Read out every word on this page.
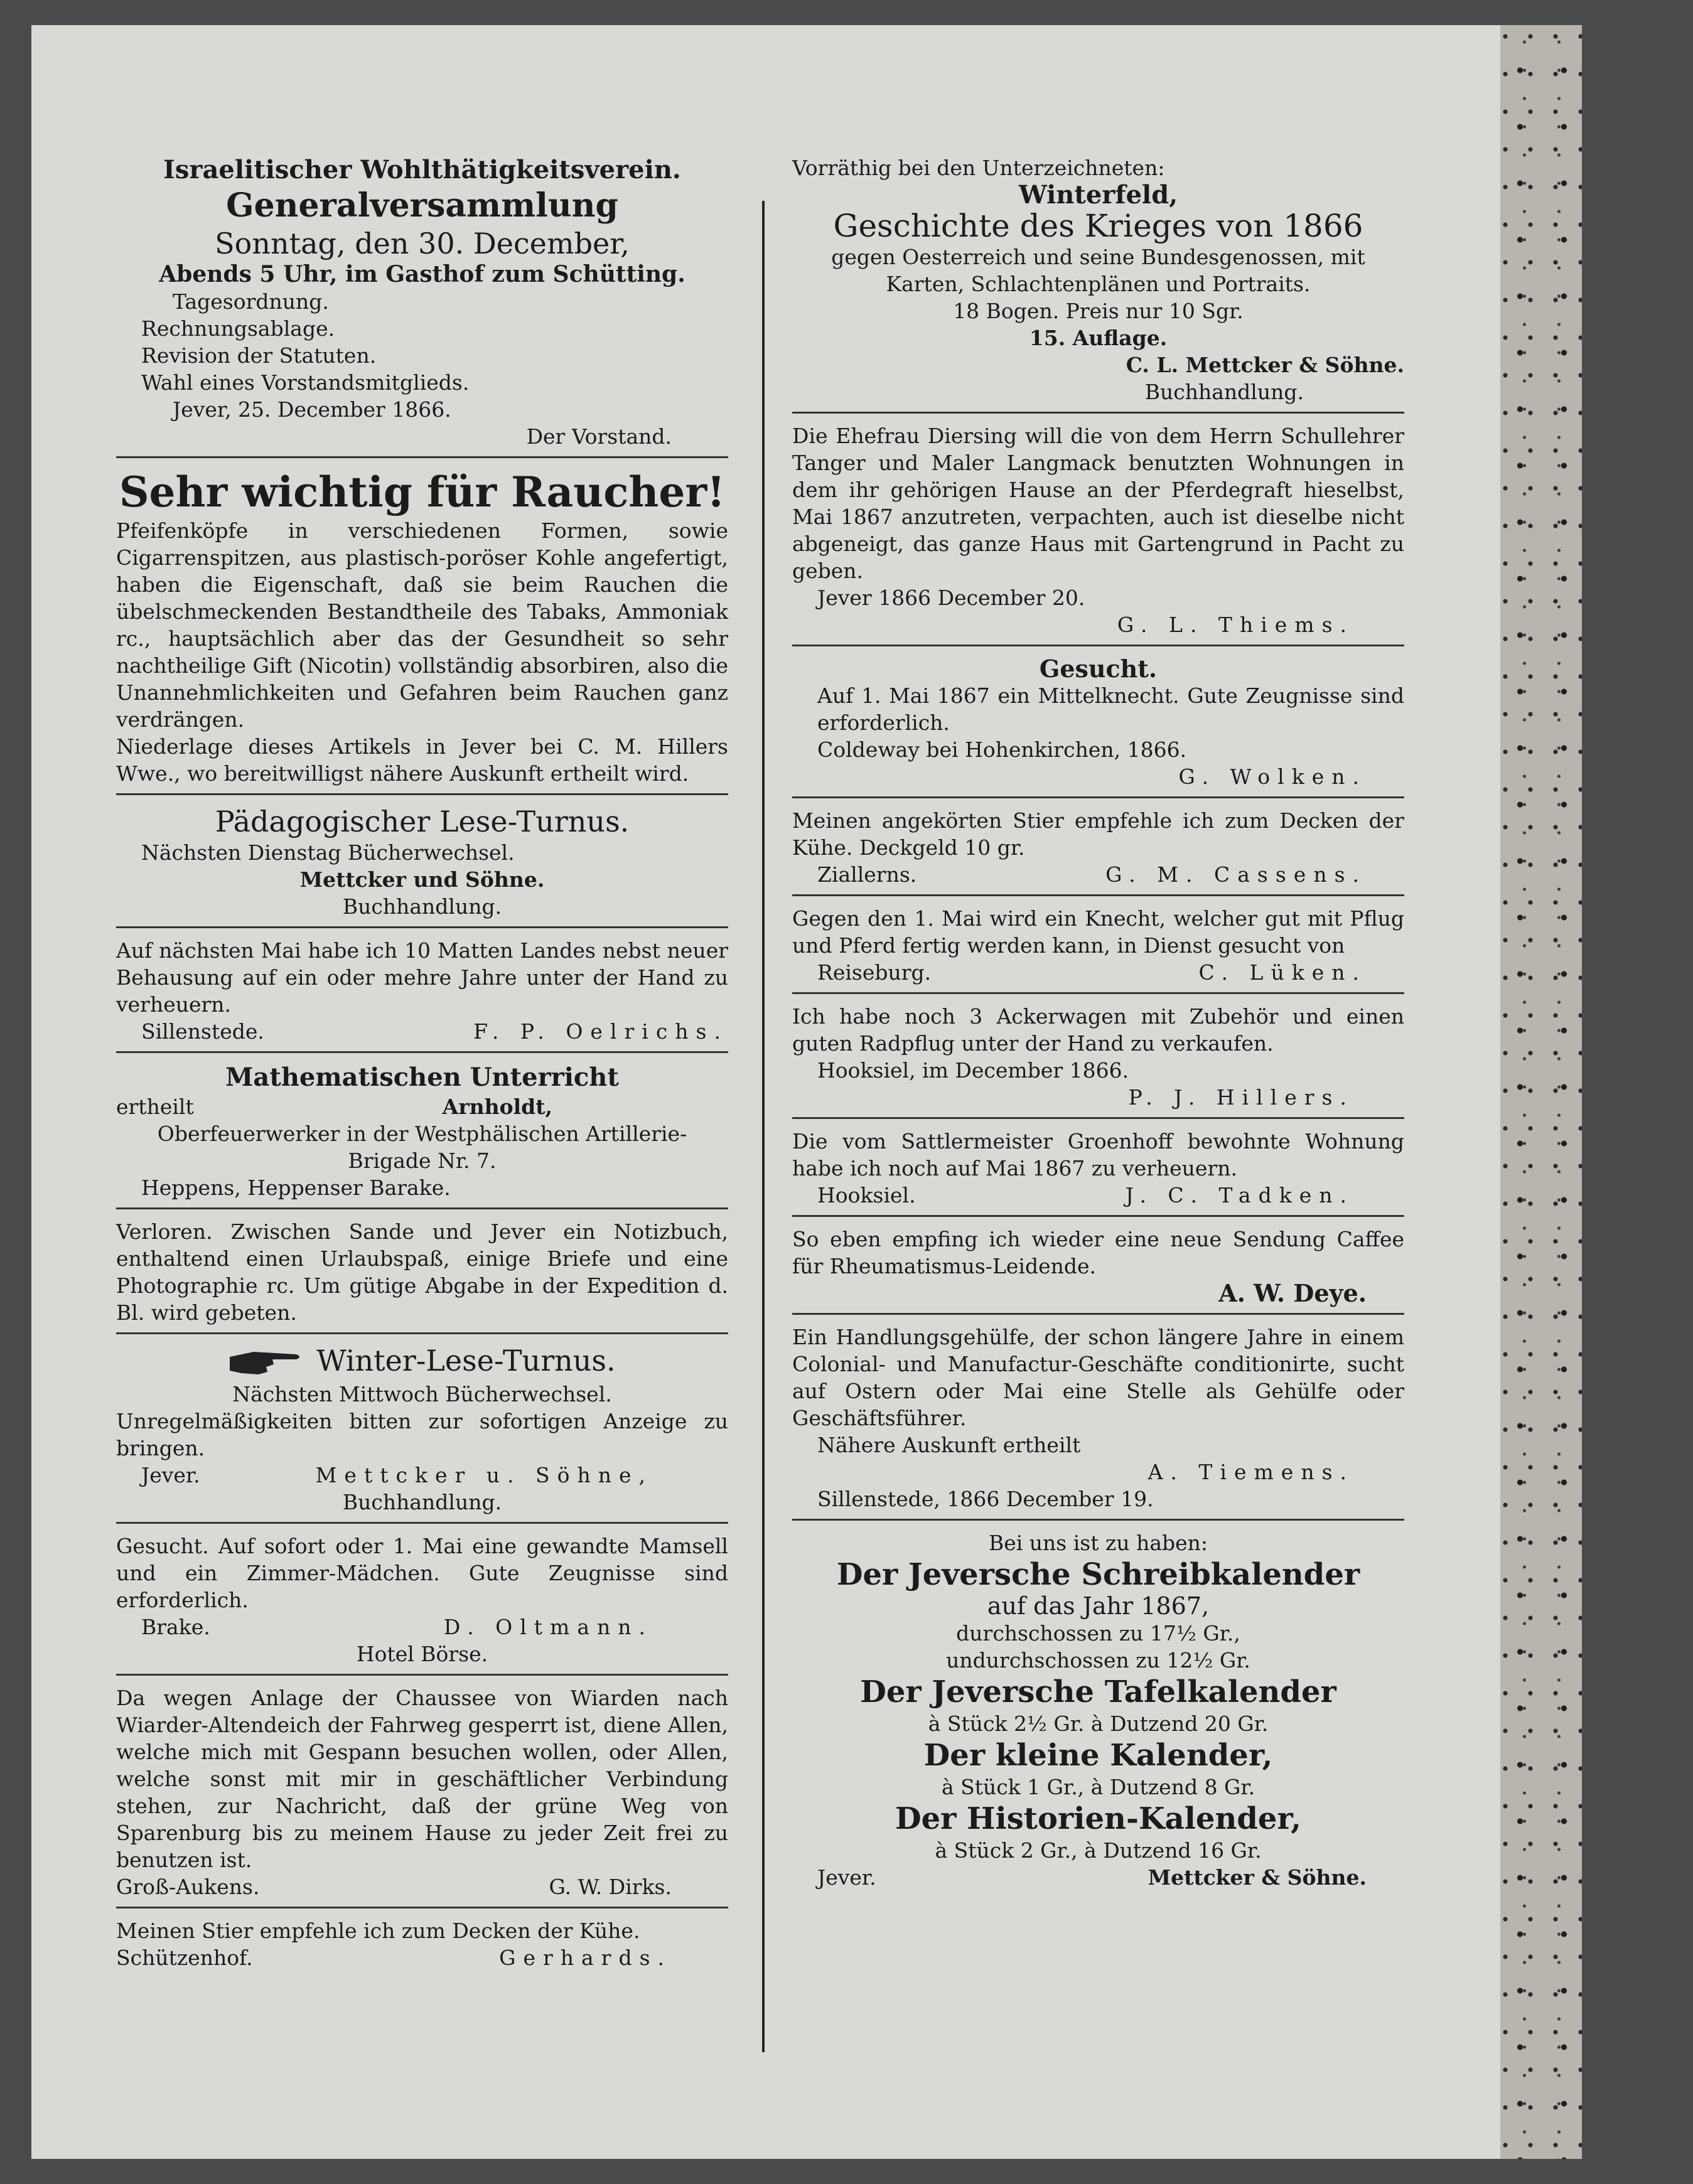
Israelitischer Wohlthätigkeitsverein.
Generalversammlung
Sonntag, den 30. December,
Abends 5 Uhr, im Gasthof zum Schütting.
Tagesordnung.
Rechnungsablage.
Revision der Statuten.
Wahl eines Vorstandsmitglieds.
Jever, 25. December 1866.
Der Vorstand.
Sehr wichtig für Raucher!
Pfeifenköpfe in verschiedenen Formen, sowie Cigarrenspitzen, aus plastisch-poröser Kohle angefertigt, haben die Eigenschaft, daß sie beim Rauchen die übelschmeckenden Bestandtheile des Tabaks, Ammoniak rc., hauptsächlich aber das der Gesundheit so sehr nachtheilige Gift (Nicotin) vollständig absorbiren, also die Unannehmlichkeiten und Gefahren beim Rauchen ganz verdrängen.
Niederlage dieses Artikels in Jever bei C. M. Hillers Wwe., wo bereitwilligst nähere Auskunft ertheilt wird.
Pädagogischer Lese-Turnus.
Nächsten Dienstag Bücherwechsel.
Mettcker und Söhne.
Buchhandlung.
Auf nächsten Mai habe ich 10 Matten Landes nebst neuer Behausung auf ein oder mehre Jahre unter der Hand zu verheuern.
Sillenstede.	F. P. Oelrichs.
Mathematischen Unterricht
ertheilt	Arnholdt,
Oberfeuerwerker in der Westphälischen Artillerie-Brigade Nr. 7.
Heppens, Heppenser Barake.
Verloren. Zwischen Sande und Jever ein Notizbuch, enthaltend einen Urlaubspaß, einige Briefe und eine Photographie rc. Um gütige Abgabe in der Expedition d. Bl. wird gebeten.
Winter-Lese-Turnus.
Nächsten Mittwoch Bücherwechsel.
Unregelmäßigkeiten bitten zur sofortigen Anzeige zu bringen.
Jever.	Mettcker u. Söhne,
Buchhandlung.
Gesucht. Auf sofort oder 1. Mai eine gewandte Mamsell und ein Zimmer-Mädchen. Gute Zeugnisse sind erforderlich.
Brake.	D. Oltmann.
Hotel Börse.
Da wegen Anlage der Chaussee von Wiarden nach Wiarder-Altendeich der Fahrweg gesperrt ist, diene Allen, welche mich mit Gespann besuchen wollen, oder Allen, welche sonst mit mir in geschäftlicher Verbindung stehen, zur Nachricht, daß der grüne Weg von Sparenburg bis zu meinem Hause zu jeder Zeit frei zu benutzen ist.
Groß-Aukens.	G. W. Dirks.
Meinen Stier empfehle ich zum Decken der Kühe.
Schützenhof.	Gerhards.
Vorräthig bei den Unterzeichneten:
Winterfeld,
Geschichte des Krieges von 1866
gegen Oesterreich und seine Bundesgenossen, mit Karten, Schlachtenplänen und Portraits.
18 Bogen. Preis nur 10 Sgr.
15. Auflage.
C. L. Mettcker & Söhne.
Buchhandlung.
Die Ehefrau Diersing will die von dem Herrn Schullehrer Tanger und Maler Langmack benutzten Wohnungen in dem ihr gehörigen Hause an der Pferdegraft hieselbst, Mai 1867 anzutreten, verpachten, auch ist dieselbe nicht abgeneigt, das ganze Haus mit Gartengrund in Pacht zu geben.
Jever 1866 December 20.
G. L. Thiems.
Gesucht.
Auf 1. Mai 1867 ein Mittelknecht. Gute Zeugnisse sind erforderlich.
Coldeway bei Hohenkirchen, 1866.
G. Wolken.
Meinen angekörten Stier empfehle ich zum Decken der Kühe. Deckgeld 10 gr.
Ziallerns.	G. M. Cassens.
Gegen den 1. Mai wird ein Knecht, welcher gut mit Pflug und Pferd fertig werden kann, in Dienst gesucht von
Reiseburg.	C. Lüken.
Ich habe noch 3 Ackerwagen mit Zubehör und einen guten Radpflug unter der Hand zu verkaufen.
Hooksiel, im December 1866.
P. J. Hillers.
Die vom Sattlermeister Groenhoff bewohnte Wohnung habe ich noch auf Mai 1867 zu verheuern.
Hooksiel.	J. C. Tadken.
So eben empfing ich wieder eine neue Sendung Caffee für Rheumatismus-Leidende.
A. W. Deye.
Ein Handlungsgehülfe, der schon längere Jahre in einem Colonial- und Manufactur-Geschäfte conditionirte, sucht auf Ostern oder Mai eine Stelle als Gehülfe oder Geschäftsführer.
Nähere Auskunft ertheilt
A. Tiemens.
Sillenstede, 1866 December 19.
Bei uns ist zu haben:
Der Jeversche Schreibkalender
auf das Jahr 1867,
durchschossen zu 17½ Gr.,
undurchschossen zu 12½ Gr.
Der Jeversche Tafelkalender
à Stück 2½ Gr. à Dutzend 20 Gr.
Der kleine Kalender,
à Stück 1 Gr., à Dutzend 8 Gr.
Der Historien-Kalender,
à Stück 2 Gr., à Dutzend 16 Gr.
Jever.	Mettcker & Söhne.
